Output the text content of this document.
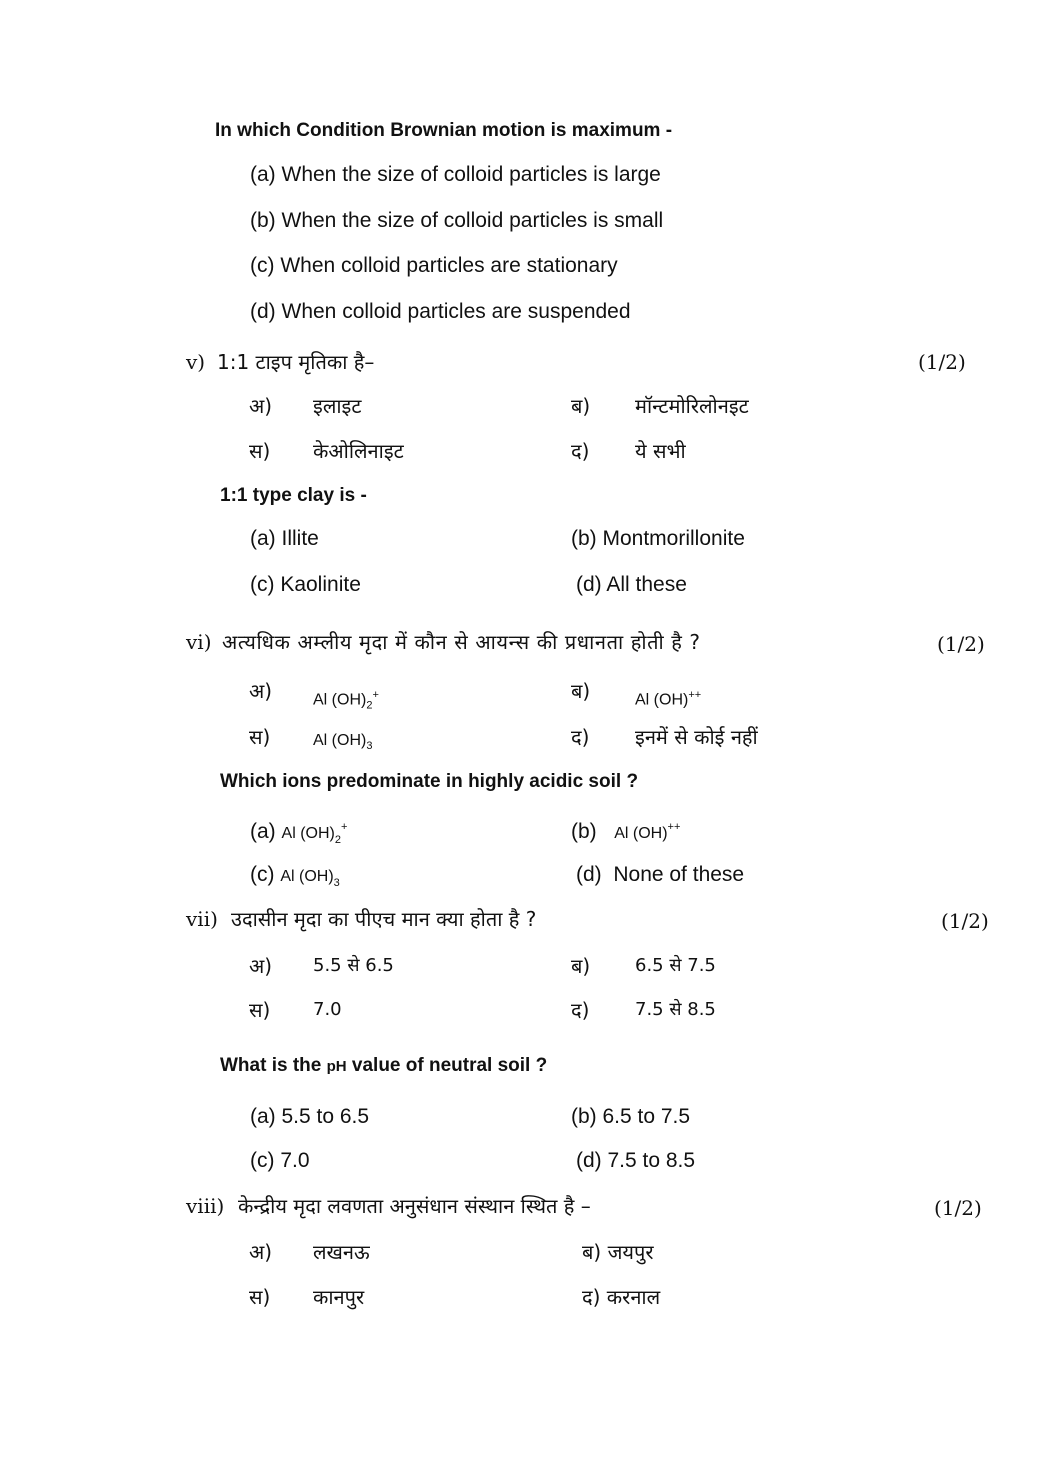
In which Condition Brownian motion is maximum -
(a) When the size of colloid particles is large
(b) When the size of colloid particles is small
(c) When colloid particles are stationary
(d) When colloid particles are suspended
v) 1:1 टाइप मृतिका है–	(1/2)
अ) इलाइट	ब) मॉन्टमोरिलोनइट
स) केओलिनाइट	द) ये सभी
1:1 type clay is -
(a) Illite	(b) Montmorillonite
(c) Kaolinite	(d) All these
vi) अत्यधिक अम्लीय मृदा में कौन से आयन्स की प्रधानता होती है ?	(1/2)
अ)	Al $(OH)_2^+$	ब)	Al (OH)++
स)	Al $(OH)_3$	द) इनमें से कोई नहीं
Which ions predominate in highly acidic soil ?
(a) Al $(OH)_2^+$	(b) Al (OH)++
(c) Al $(OH)_3$	(d) None of these
vii) उदासीन मृदा का पीएच मान क्या होता है ?	(1/2)
अ) 5.5 से 6.5	ब) 6.5 से 7.5
स) 7.0	द)	7.5 से 8.5
What is the pH value of neutral soil ?
(a) 5.5 to 6.5	(b) 6.5 to 7.5
(c) 7.0	(d) 7.5 to 8.5
viii) केन्द्रीय मृदा लवणता अनुसंधान संस्थान स्थित है –	(1/2)
अ) लखनऊ	ब) जयपुर
स) कानपुर	द) करनाल
